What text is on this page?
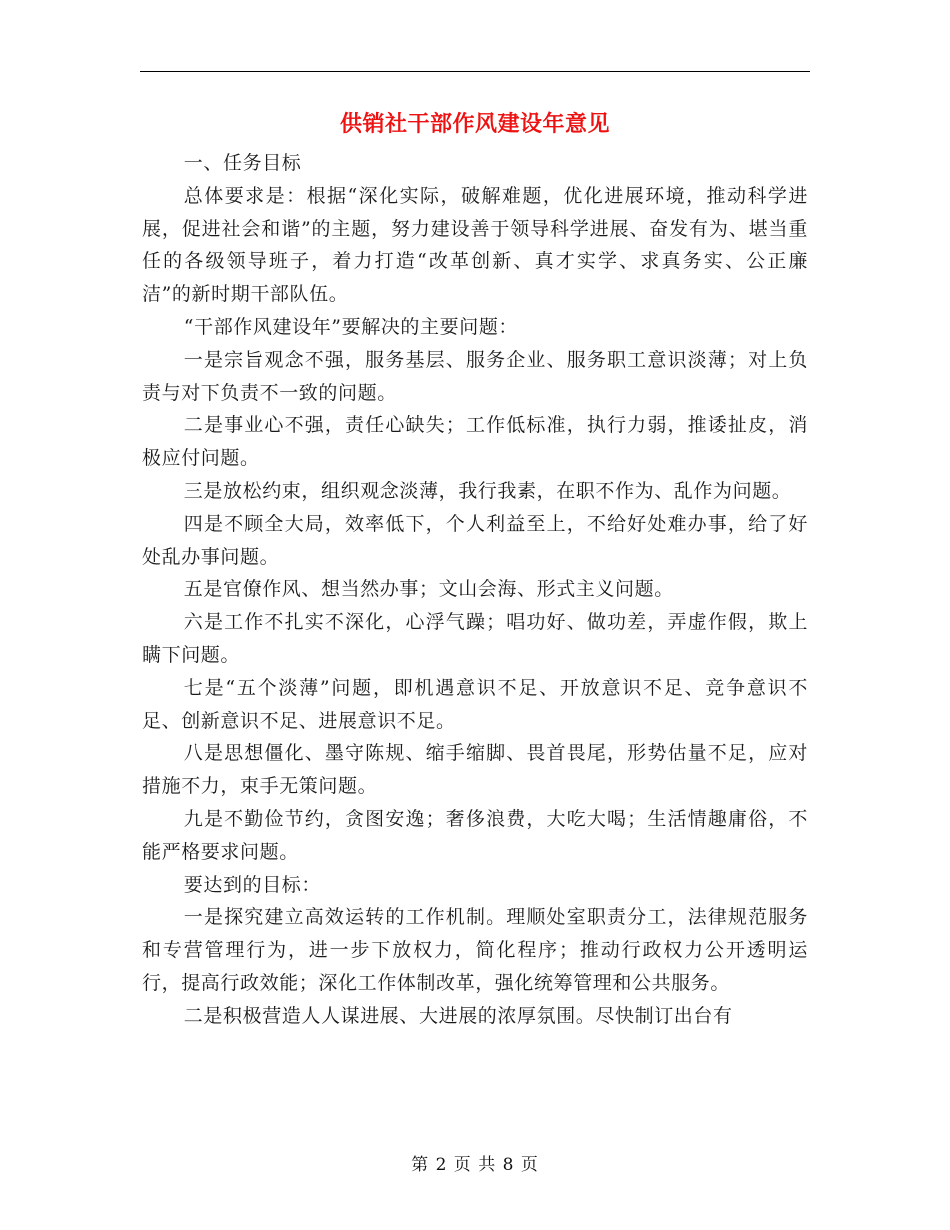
供销社干部作风建设年意见

一、任务目标

总体要求是：根据“深化实际，破解难题，优化进展环境，推动科学进展，促进社会和谐”的主题，努力建设善于领导科学进展、奋发有为、堪当重任的各级领导班子，着力打造“改革创新、真才实学、求真务实、公正廉洁”的新时期干部队伍。

“干部作风建设年”要解决的主要问题：

一是宗旨观念不强，服务基层、服务企业、服务职工意识淡薄；对上负责与对下负责不一致的问题。

二是事业心不强，责任心缺失；工作低标准，执行力弱，推诿扯皮，消极应付问题。

三是放松约束，组织观念淡薄，我行我素，在职不作为、乱作为问题。

四是不顾全大局，效率低下，个人利益至上，不给好处难办事，给了好处乱办事问题。

五是官僚作风、想当然办事；文山会海、形式主义问题。

六是工作不扎实不深化，心浮气躁；唱功好、做功差，弄虚作假，欺上瞒下问题。

七是“五个淡薄”问题，即机遇意识不足、开放意识不足、竞争意识不足、创新意识不足、进展意识不足。

八是思想僵化、墨守陈规、缩手缩脚、畏首畏尾，形势估量不足，应对措施不力，束手无策问题。

九是不勤俭节约，贪图安逸；奢侈浪费，大吃大喝；生活情趣庸俗，不能严格要求问题。

要达到的目标：

一是探究建立高效运转的工作机制。理顺处室职责分工，法律规范服务和专营管理行为，进一步下放权力，简化程序；推动行政权力公开透明运行，提高行政效能；深化工作体制改革，强化统筹管理和公共服务。

二是积极营造人人谋进展、大进展的浓厚氛围。尽快制订出台有

第 2 页 共 8 页
